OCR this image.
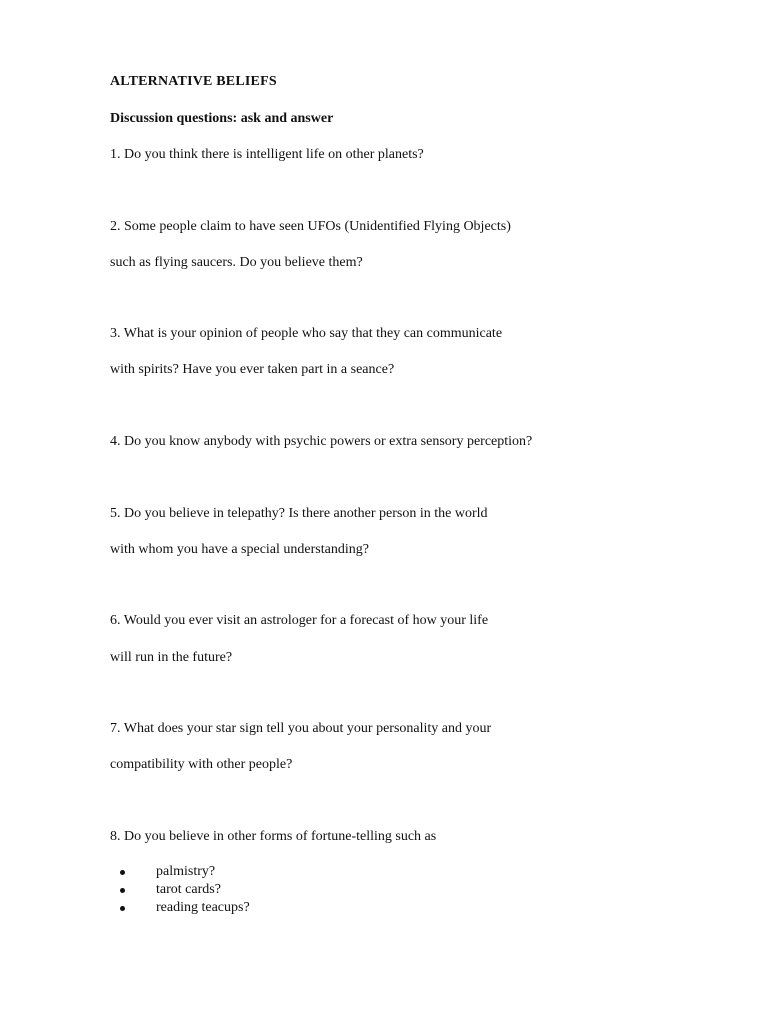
ALTERNATIVE BELIEFS
Discussion questions: ask and answer
1. Do you think there is intelligent life on other planets?
2. Some people claim to have seen UFOs (Unidentified Flying Objects)
such as flying saucers. Do you believe them?
3. What is your opinion of people who say that they can communicate
with spirits? Have you ever taken part in a seance?
4. Do you know anybody with psychic powers or extra sensory perception?
5. Do you believe in telepathy? Is there another person in the world
with whom you have a special understanding?
6. Would you ever visit an astrologer for a forecast of how your life
will run in the future?
7. What does your star sign tell you about your personality and your
compatibility with other people?
8. Do you believe in other forms of fortune-telling such as
palmistry?
tarot cards?
reading teacups?
